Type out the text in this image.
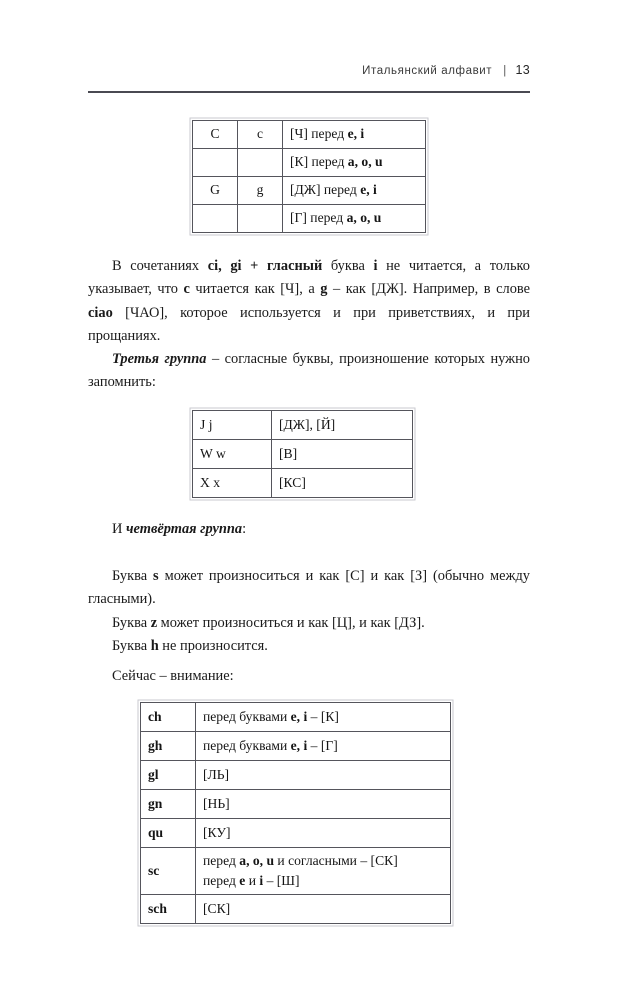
Итальянский алфавит | 13
C	c	[Ч] перед e, i
		[К] перед a, o, u
G	g	[ДЖ] перед e, i
		[Г] перед a, o, u
В сочетаниях ci, gi + гласный буква i не читается, а только указывает, что c читается как [Ч], а g – как [ДЖ]. Например, в слове ciao [ЧАО], которое используется и при приветствиях, и при прощаниях.
Третья группа – согласные буквы, произношение которых нужно запомнить:
J j	[ДЖ], [Й]
W w	[В]
X x	[КС]
И четвёртая группа:
Буква s может произноситься и как [С] и как [З] (обычно между гласными).
Буква z может произноситься и как [Ц], и как [ДЗ].
Буква h не произносится.
Сейчас – внимание:
ch	перед буквами e, i – [К]
gh	перед буквами e, i – [Г]
gl	[ЛЬ]
gn	[НЬ]
qu	[КУ]
sc	перед a, o, u и согласными – [СК]
перед e и i – [Ш]
sch	[СК]
